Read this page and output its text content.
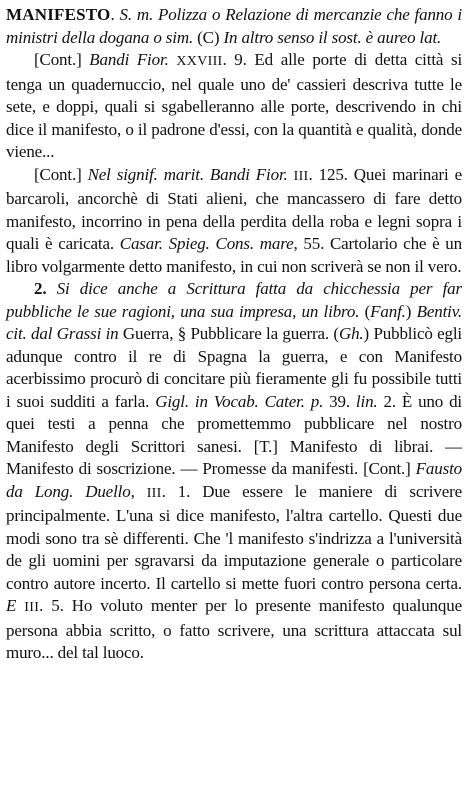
MANIFESTO. S. m. Polizza o Relazione di mercanzie che fanno i ministri della dogana o sim. (C) In altro senso il sost. è aureo lat.

[Cont.] Bandi Fior. XXVIII. 9. Ed alle porte di detta città si tenga un quadernuccio, nel quale uno de' cassieri descriva tutte le sete, e doppi, quali si sgabelleranno alle porte, descrivendo in chi dice il manifesto, o il padrone d'essi, con la quantità e qualità, donde viene...

[Cont.] Nel signif. marit. Bandi Fior. III. 125. Quei marinari e barcaroli, ancorchè di Stati alieni, che mancassero di fare detto manifesto, incorrino in pena della perdita della roba e legni sopra i quali è caricata. Casar. Spieg. Cons. mare, 55. Cartolario che è un libro volgarmente detto manifesto, in cui non scriverà se non il vero.

2. Si dice anche a Scrittura fatta da chicchessia per far pubbliche le sue ragioni, una sua impresa, un libro. (Fanf.) Bentiv. cit. dal Grassi in Guerra, § Pubblicare la guerra. (Gh.) Pubblicò egli adunque contro il re di Spagna la guerra, e con Manifesto acerbissimo procurò di concitare più fieramente gli fu possibile tutti i suoi sudditi a farla. Gigl. in Vocab. Cater. p. 39. lin. 2. È uno di quei testi a penna che promettemmo pubblicare nel nostro Manifesto degli Scrittori sanesi. [T.] Manifesto di librai. — Manifesto di soscrizione. — Promesse da manifesti. [Cont.] Fausto da Long. Duello, III. 1. Due essere le maniere di scrivere principalmente. L'una si dice manifesto, l'altra cartello. Questi due modi sono tra sè differenti. Che 'l manifesto s'indrizza a l'università de gli uomini per sgravarsi da imputazione generale o particolare contro autore incerto. Il cartello si mette fuori contro persona certa. E III. 5. Ho voluto menter per lo presente manifesto qualunque persona abbia scritto, o fatto scrivere, una scrittura attaccata sul muro... del tal luoco.
